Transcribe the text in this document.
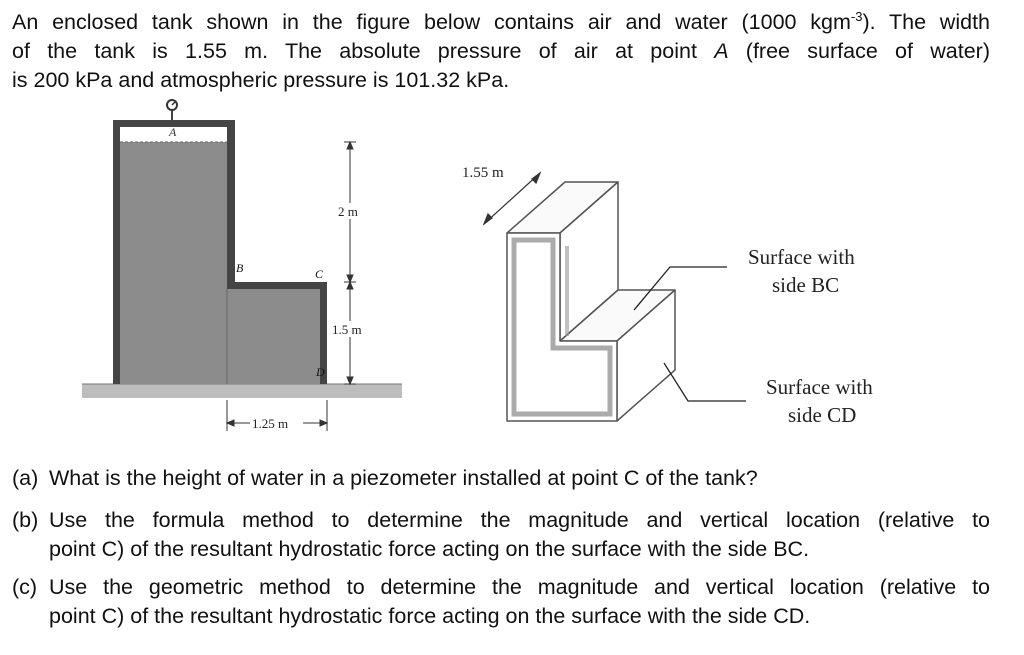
An enclosed tank shown in the figure below contains air and water (1000 kgm$^{-3}$). The width
of the tank is 1.55 m. The absolute pressure of air at point A (free surface of water)
is 200 kPa and atmospheric pressure is 101.32 kPa.
A
B	C
D
2 m
1.5 m
1.25 m
1.55 m
Surface with
side BC
Surface with
side CD
(a) What is the height of water in a piezometer installed at point C of the tank?
(b) Use the formula method to determine the magnitude and vertical location (relative to
point C) of the resultant hydrostatic force acting on the surface with the side BC.
(c) Use the geometric method to determine the magnitude and vertical location (relative to
point C) of the resultant hydrostatic force acting on the surface with the side CD.
